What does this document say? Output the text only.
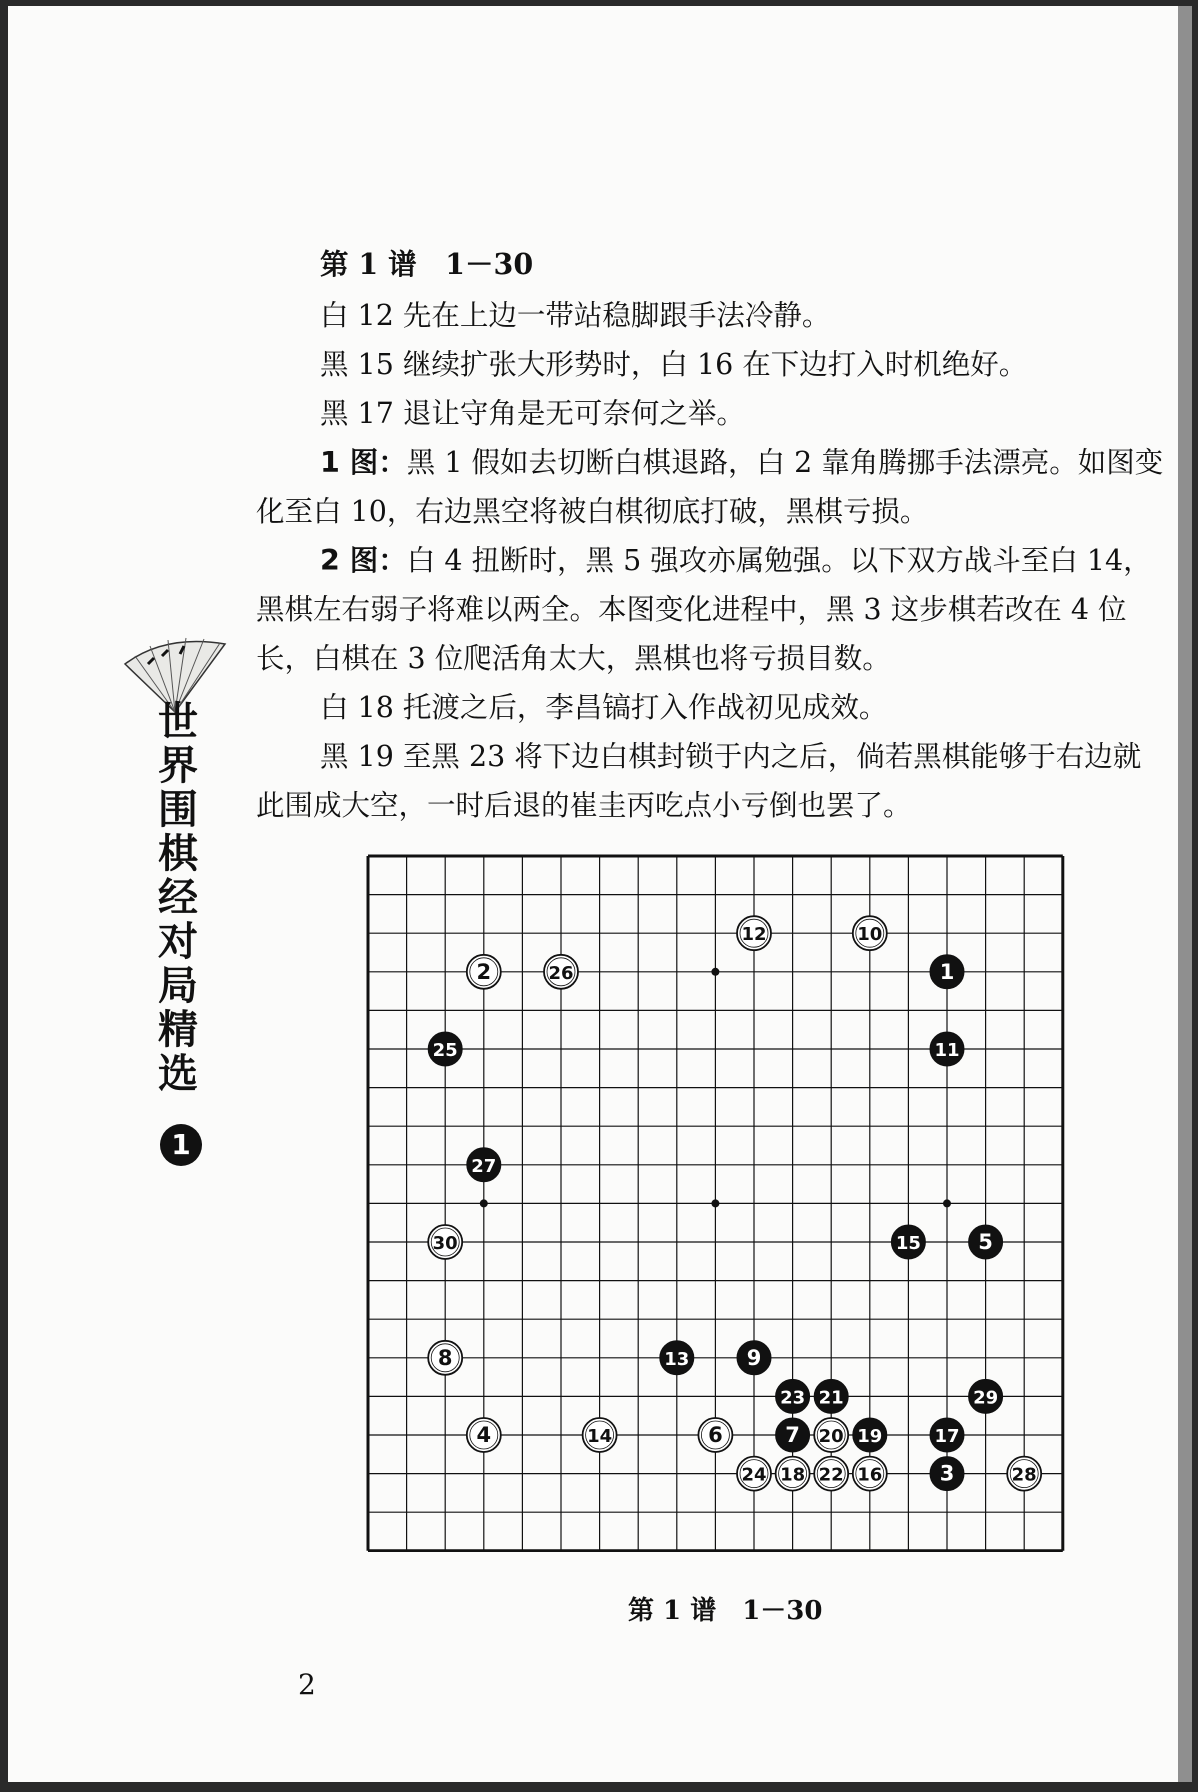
第 1 谱　1－30

白 12 先在上边一带站稳脚跟手法冷静。

黑 15 继续扩张大形势时，白 16 在下边打入时机绝好。

黑 17 退让守角是无可奈何之举。

1 图：黑 1 假如去切断白棋退路，白 2 靠角腾挪手法漂亮。如图变化至白 10，右边黑空将被白棋彻底打破，黑棋亏损。

2 图：白 4 扭断时，黑 5 强攻亦属勉强。以下双方战斗至白 14，黑棋左右弱子将难以两全。本图变化进程中，黑 3 这步棋若改在 4 位长，白棋在 3 位爬活角太大，黑棋也将亏损目数。

白 18 托渡之后，李昌镐打入作战初见成效。

黑 19 至黑 23 将下边白棋封锁于内之后，倘若黑棋能够于右边就此围成大空，一时后退的崔圭丙吃点小亏倒也罢了。

世
界
围
棋
经
对
局
精
选
1
1
2
3
4
5
6	7
8	9
10
11
12
13
14
15
16
17
18
19
20
21
22
23
24
25
26
27
28
29
30
第 1 谱　1－30
2
